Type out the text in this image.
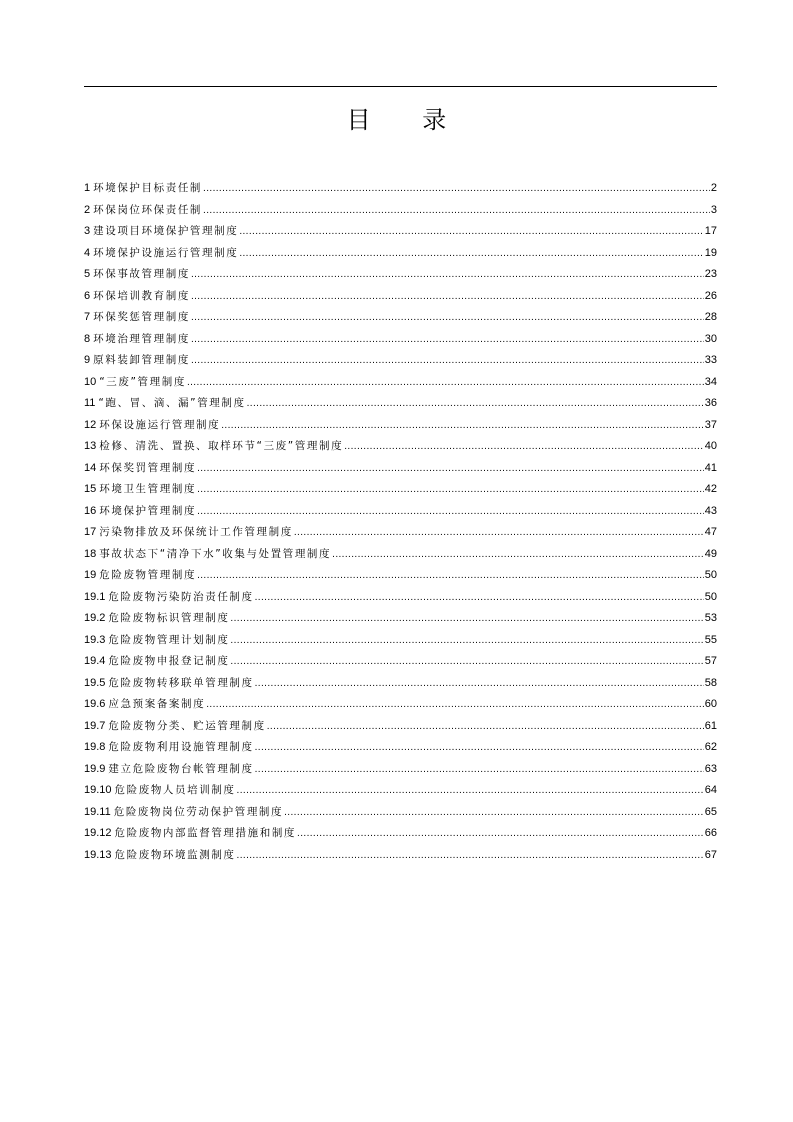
目 录
1 环境保护目标责任制 .....	2
2 环保岗位环保责任制 .....	3
3 建设项目环境保护管理制度 .....	17
4 环境保护设施运行管理制度 .....	19
5 环保事故管理制度 .....	23
6 环保培训教育制度 .....	26
7 环保奖惩管理制度 .....	28
8 环境治理管理制度 .....	30
9 原料装卸管理制度 .....	33
10 “三废”管理制度 .....	34
11 “跑、冒、滴、漏”管理制度 .....	36
12 环保设施运行管理制度 .....	37
13 检修、清洗、置换、取样环节“三废”管理制度 .....	40
14 环保奖罚管理制度 .....	41
15 环境卫生管理制度 .....	42
16 环境保护管理制度 .....	43
17 污染物排放及环保统计工作管理制度 .....	47
18 事故状态下“清净下水”收集与处置管理制度 .....	49
19 危险废物管理制度 .....	50
19.1 危险废物污染防治责任制度 .....	50
19.2 危险废物标识管理制度 .....	53
19.3 危险废物管理计划制度 .....	55
19.4 危险废物申报登记制度 .....	57
19.5 危险废物转移联单管理制度 .....	58
19.6 应急预案备案制度 .....	60
19.7 危险废物分类、贮运管理制度 .....	61
19.8 危险废物利用设施管理制度 .....	62
19.9 建立危险废物台帐管理制度 .....	63
19.10 危险废物人员培训制度 .....	64
19.11 危险废物岗位劳动保护管理制度 .....	65
19.12 危险废物内部监督管理措施和制度 .....	66
19.13 危险废物环境监测制度 .....	67
